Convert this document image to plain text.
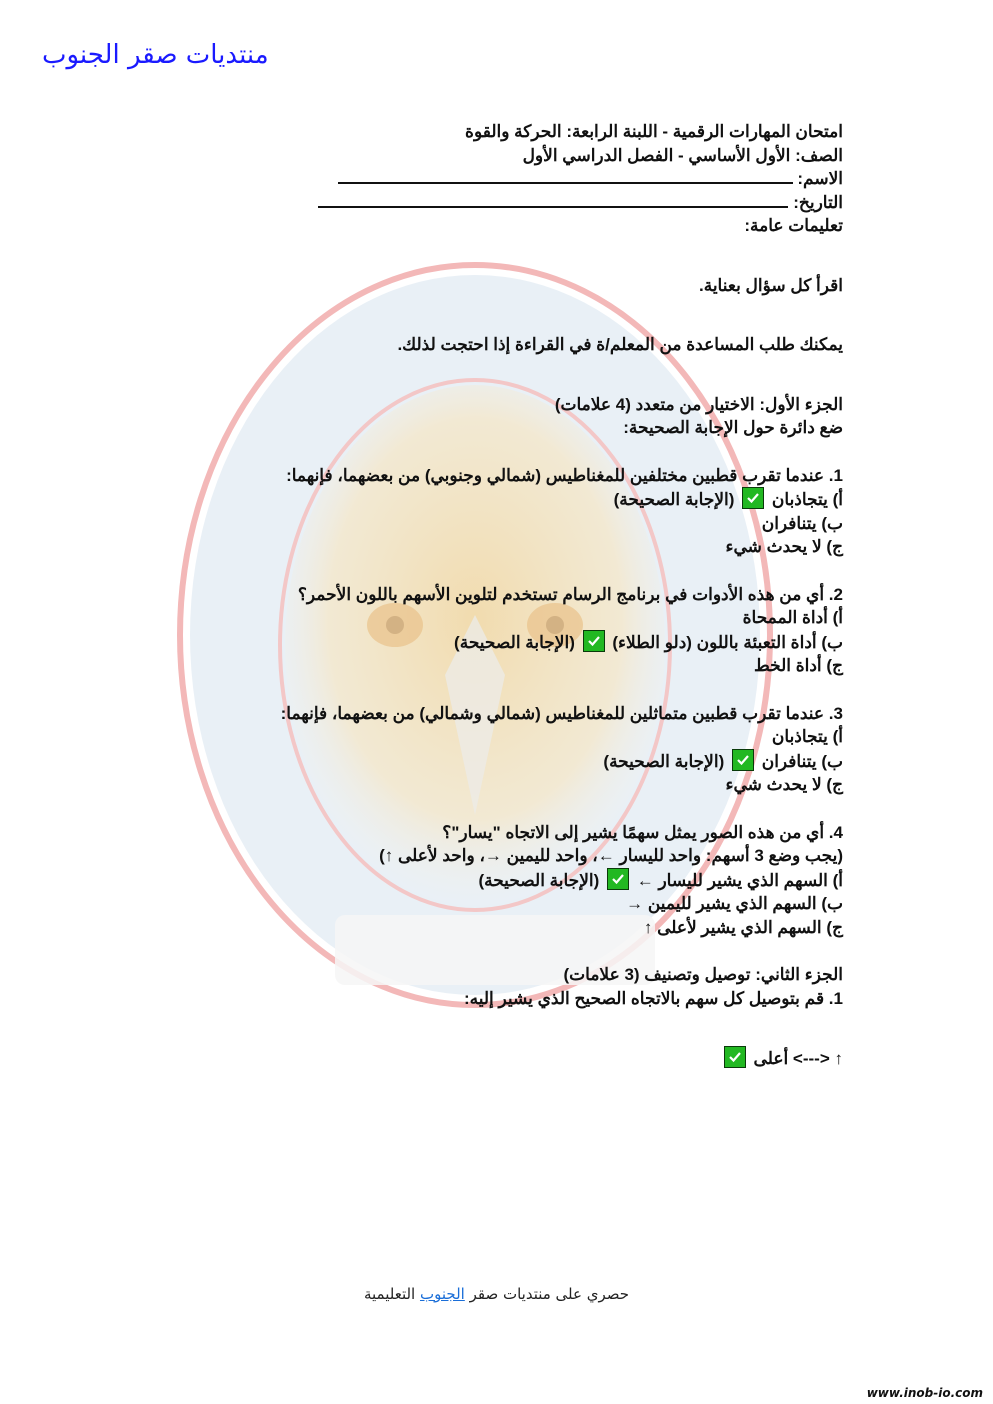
منتديات صقر الجنوب
امتحان المهارات الرقمية - اللبنة الرابعة: الحركة والقوة
الصف: الأول الأساسي - الفصل الدراسي الأول
الاسم:
التاريخ:
تعليمات عامة:
اقرأ كل سؤال بعناية.
يمكنك طلب المساعدة من المعلم/ة في القراءة إذا احتجت لذلك.
الجزء الأول: الاختيار من متعدد (4 علامات)
ضع دائرة حول الإجابة الصحيحة:
1. عندما تقرب قطبين مختلفين للمغناطيس (شمالي وجنوبي) من بعضهما، فإنهما:
أ) يتجاذبان
(الإجابة الصحيحة)
ب) يتنافران
ج) لا يحدث شيء
2. أي من هذه الأدوات في برنامج الرسام تستخدم لتلوين الأسهم باللون الأحمر؟
أ) أداة الممحاة
ب) أداة التعبئة باللون (دلو الطلاء)
(الإجابة الصحيحة)
ج) أداة الخط
3. عندما تقرب قطبين متماثلين للمغناطيس (شمالي وشمالي) من بعضهما، فإنهما:
أ) يتجاذبان
ب) يتنافران
(الإجابة الصحيحة)
ج) لا يحدث شيء
4. أي من هذه الصور يمثل سهمًا يشير إلى الاتجاه "يسار"؟
(يجب وضع 3 أسهم: واحد لليسار ←، واحد لليمين →، واحد لأعلى ↑)
أ) السهم الذي يشير لليسار ←
(الإجابة الصحيحة)
ب) السهم الذي يشير لليمين →
ج) السهم الذي يشير لأعلى ↑
الجزء الثاني: توصيل وتصنيف (3 علامات)
1. قم بتوصيل كل سهم بالاتجاه الصحيح الذي يشير إليه:
↑ <---> أعلى
حصري على منتديات صقر الجنوب التعليمية
www.inob-io.com
